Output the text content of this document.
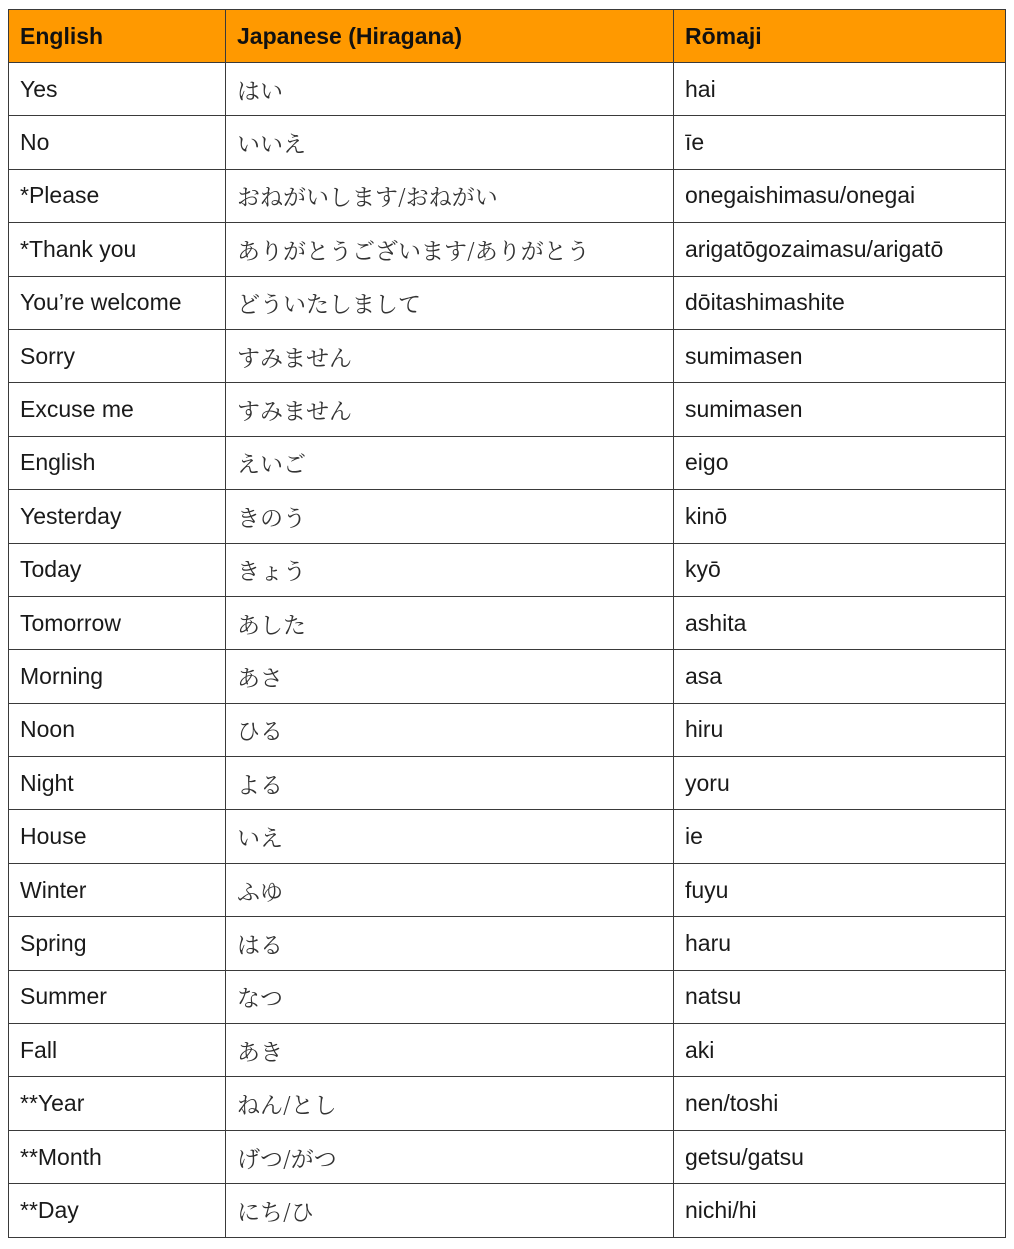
English	Japanese (Hiragana)	Rōmaji
Yes	はい	hai
No	いいえ	īe
*Please	おねがいします/おねがい	onegaishimasu/onegai
*Thank you	ありがとうございます/ありがとう	arigatōgozaimasu/arigatō
You’re welcome	どういたしまして	dōitashimashite
Sorry	すみません	sumimasen
Excuse me	すみません	sumimasen
English	えいご	eigo
Yesterday	きのう	kinō
Today	きょう	kyō
Tomorrow	あした	ashita
Morning	あさ	asa
Noon	ひる	hiru
Night	よる	yoru
House	いえ	ie
Winter	ふゆ	fuyu
Spring	はる	haru
Summer	なつ	natsu
Fall	あき	aki
**Year	ねん/とし	nen/toshi
**Month	げつ/がつ	getsu/gatsu
**Day	にち/ひ	nichi/hi
